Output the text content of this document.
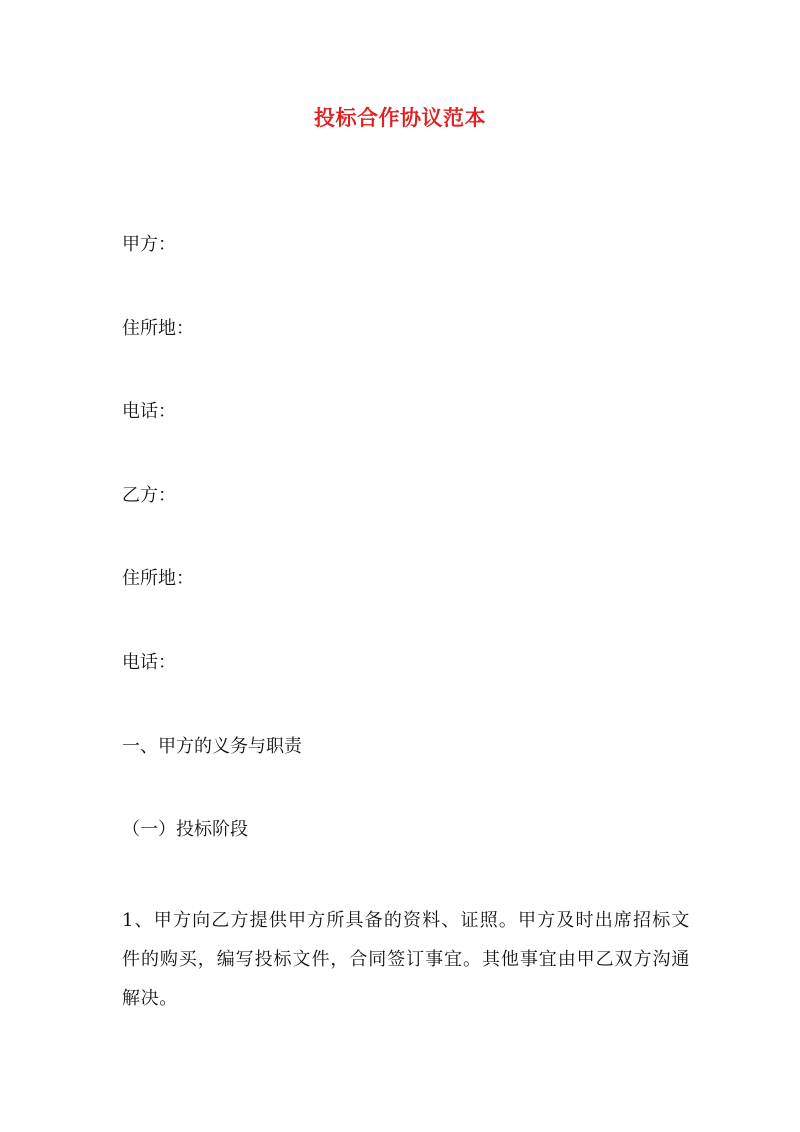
投标合作协议范本
甲方：
住所地：
电话：
乙方：
住所地：
电话：
一、甲方的义务与职责
（一）投标阶段
1、甲方向乙方提供甲方所具备的资料、证照。甲方及时出席招标文件的购买，编写投标文件，合同签订事宜。其他事宜由甲乙双方沟通解决。
